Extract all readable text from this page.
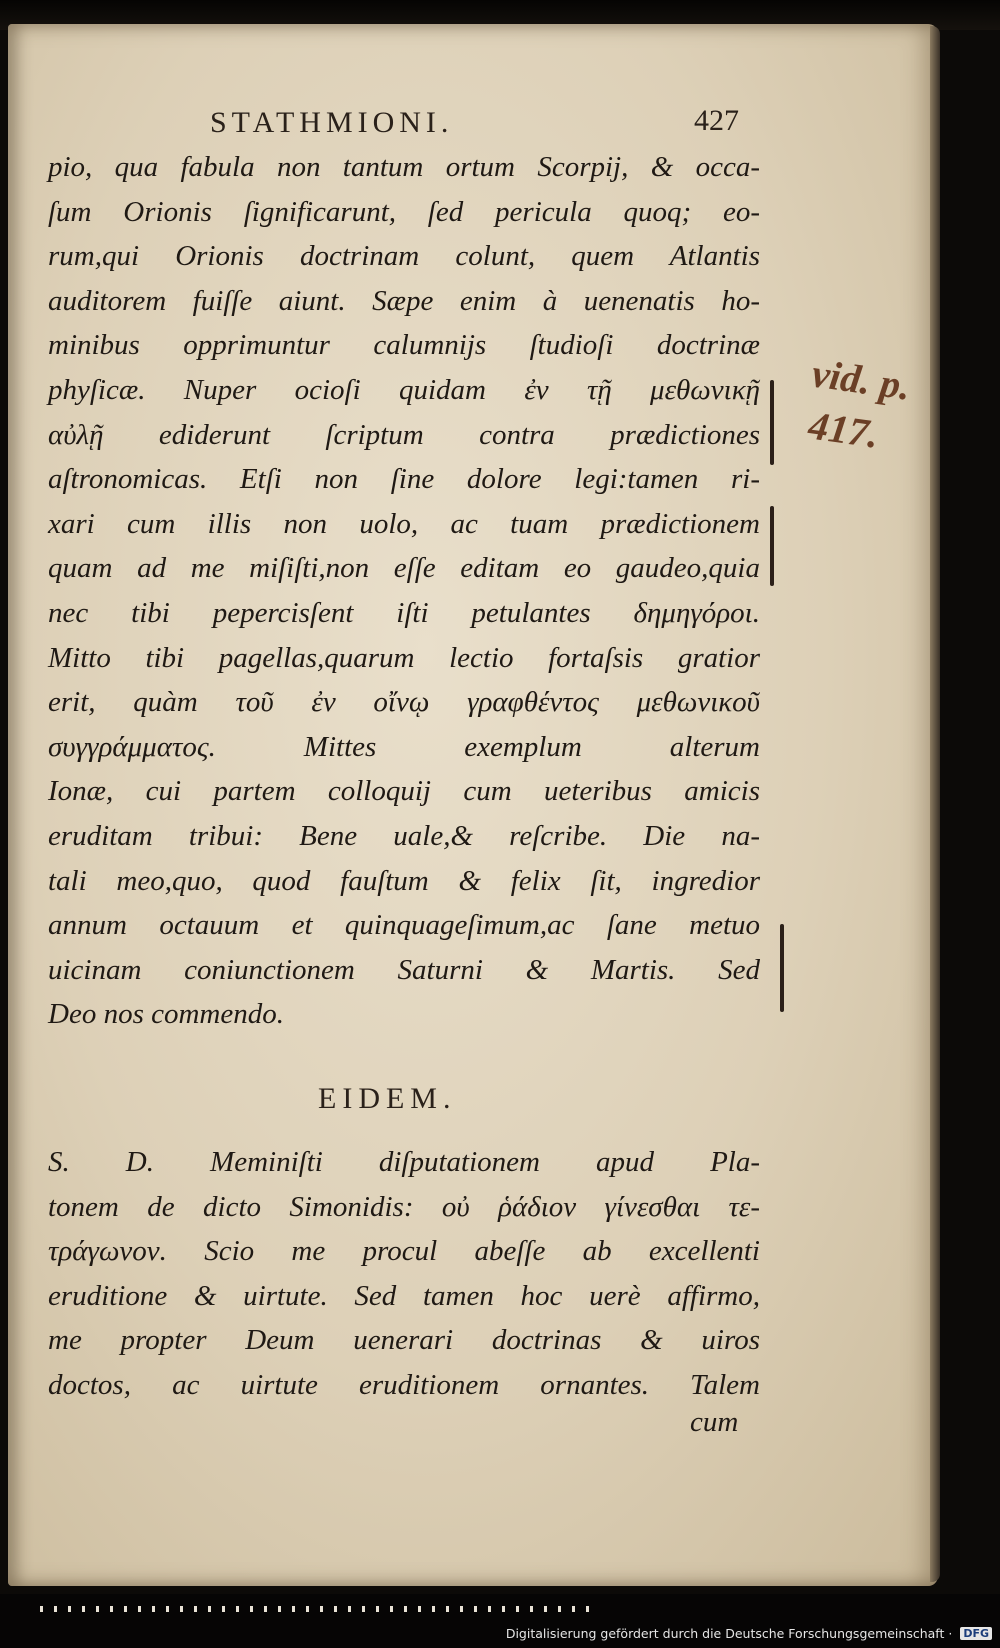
STATHMIONI.	427
pio, qua fabula non tantum ortum Scorpij, & occa-
ſum Orionis ſignificarunt, ſed pericula quoq; eo-
rum,qui Orionis doctrinam colunt, quem Atlantis
auditorem fuiſſe aiunt. Sæpe enim à uenenatis ho-
minibus opprimuntur calumnijs ſtudioſi doctrinæ
phyſicæ. Nuper ocioſi quidam ἐν τῇ μεθωνικῇ
αὐλῇ ediderunt ſcriptum contra prædictiones
aſtronomicas. Etſi non ſine dolore legi:tamen ri-
xari cum illis non uolo, ac tuam prædictionem
quam ad me miſiſti,non eſſe editam eo gaudeo,quia
nec tibi pepercisſent iſti petulantes δημηγόροι.
Mitto tibi pagellas,quarum lectio fortaſsis gratior
erit, quàm τοῦ ἐν οἴνῳ γραφθέντος μεθωνικοῦ
συγγράμματος. Mittes exemplum alterum
Ionæ, cui partem colloquij cum ueteribus amicis
eruditam tribui: Bene uale,& reſcribe. Die na-
tali meo,quo, quod fauſtum & felix ſit, ingredior
annum octauum et quinquageſimum,ac ſane metuo
uicinam coniunctionem Saturni & Martis. Sed
Deo nos commendo.
EIDEM.
S. D. Meminiſti diſputationem apud Pla-
tonem de dicto Simonidis: οὐ ῥάδιον γίνεσθαι τε-
τράγωνον. Scio me procul abeſſe ab excellenti
eruditione & uirtute. Sed tamen hoc uerè affirmo,
me propter Deum uenerari doctrinas & uiros
doctos, ac uirtute eruditionem ornantes. Talem
cum
vid. p.
417.
Digitalisierung gefördert durch die Deutsche Forschungsgemeinschaft · DFG
